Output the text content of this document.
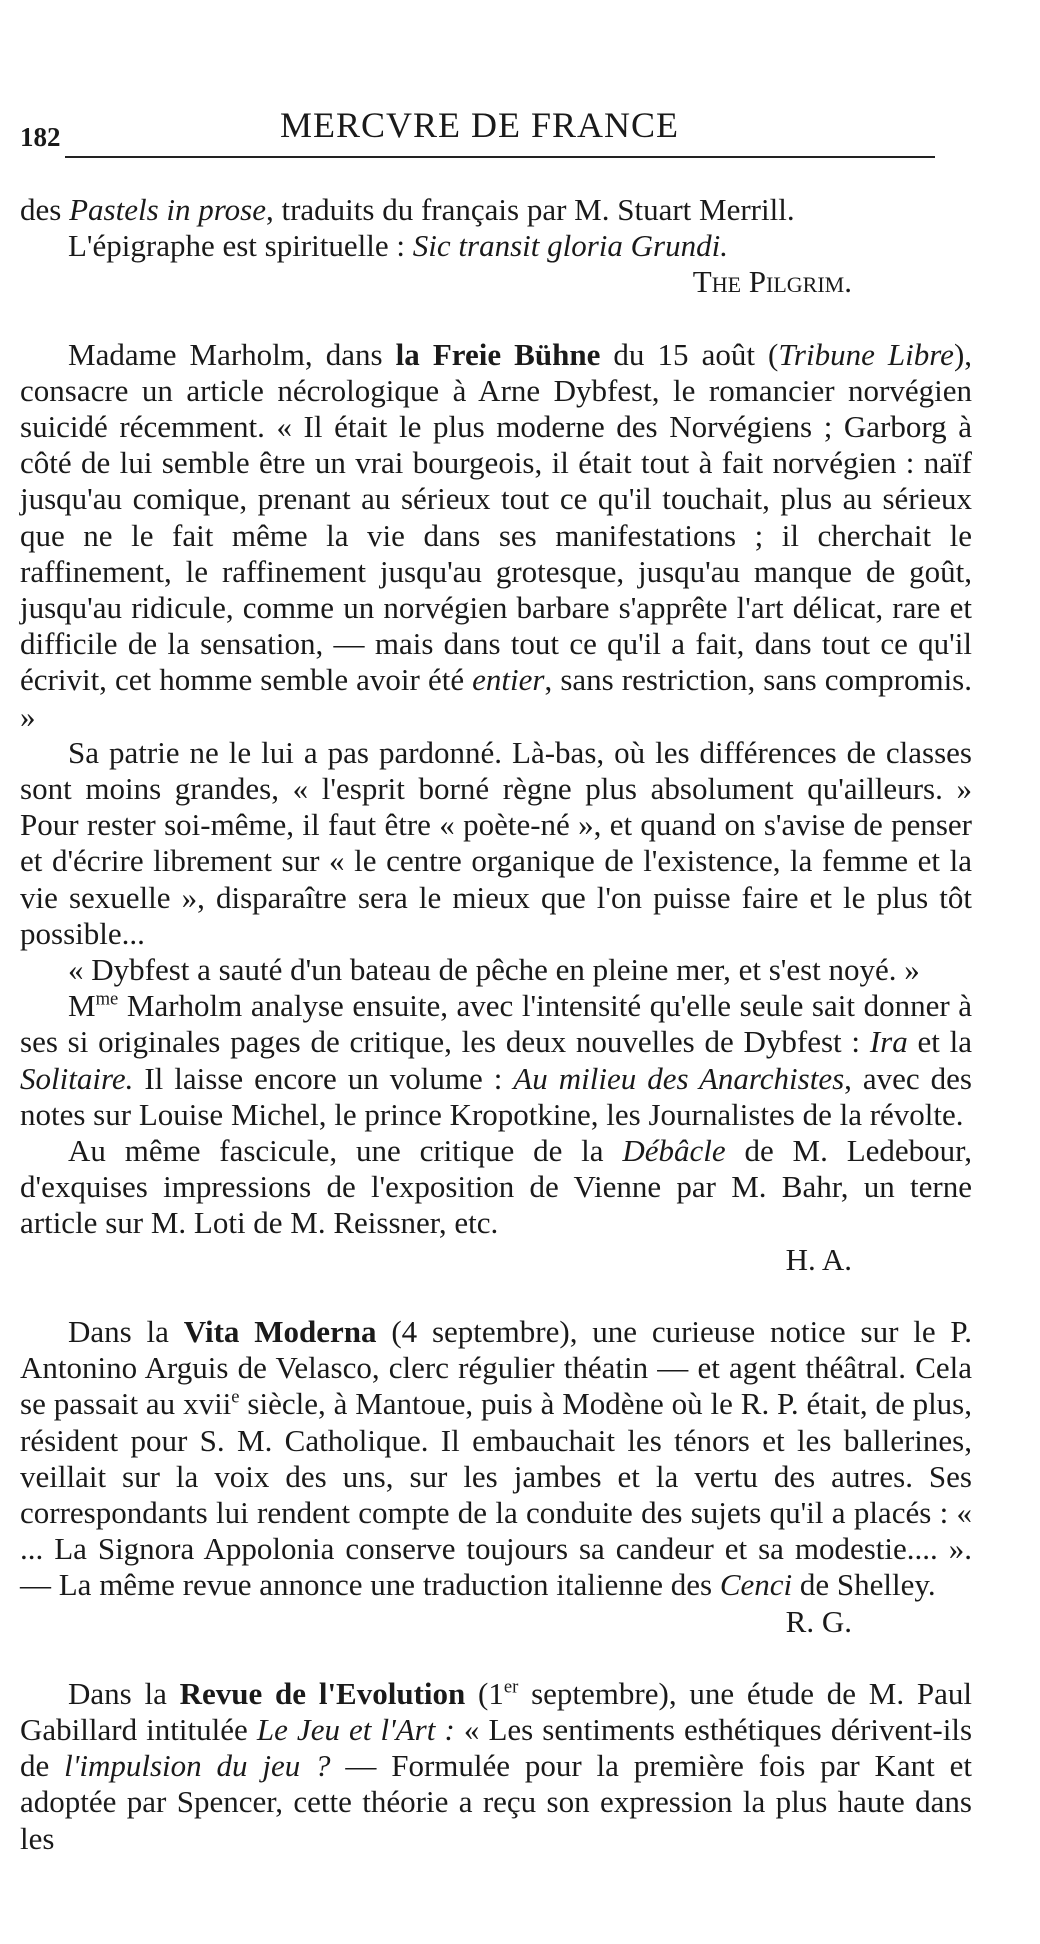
182	MERCVRE DE FRANCE

des Pastels in prose, traduits du français par M. Stuart Merrill.

L'épigraphe est spirituelle : Sic transit gloria Grundi.

The Pilgrim.

Madame Marholm, dans la Freie Bühne du 15 août (Tribune Libre), consacre un article nécrologique à Arne Dybfest, le romancier norvégien suicidé récemment. « Il était le plus moderne des Norvégiens ; Garborg à côté de lui semble être un vrai bourgeois, il était tout à fait norvégien : naïf jusqu'au comique, prenant au sérieux tout ce qu'il touchait, plus au sérieux que ne le fait même la vie dans ses manifestations ; il cherchait le raffinement, le raffinement jusqu'au grotesque, jusqu'au manque de goût, jusqu'au ridicule, comme un norvégien barbare s'apprête l'art délicat, rare et difficile de la sensation, — mais dans tout ce qu'il a fait, dans tout ce qu'il écrivit, cet homme semble avoir été entier, sans restriction, sans compromis. »

Sa patrie ne le lui a pas pardonné. Là-bas, où les différences de classes sont moins grandes, « l'esprit borné règne plus absolument qu'ailleurs. » Pour rester soi-même, il faut être « poète-né », et quand on s'avise de penser et d'écrire librement sur « le centre organique de l'existence, la femme et la vie sexuelle », disparaître sera le mieux que l'on puisse faire et le plus tôt possible...

« Dybfest a sauté d'un bateau de pêche en pleine mer, et s'est noyé. »

$M^{me}$ Marholm analyse ensuite, avec l'intensité qu'elle seule sait donner à ses si originales pages de critique, les deux nouvelles de Dybfest : Ira et la Solitaire. Il laisse encore un volume : Au milieu des Anarchistes, avec des notes sur Louise Michel, le prince Kropotkine, les Journalistes de la révolte.

Au même fascicule, une critique de la Débâcle de M. Ledebour, d'exquises impressions de l'exposition de Vienne par M. Bahr, un terne article sur M. Loti de M. Reissner, etc.

H. A.

Dans la Vita Moderna (4 septembre), une curieuse notice sur le P. Antonino Arguis de Velasco, clerc régulier théatin — et agent théâtral. Cela se passait au xvii$^e$ siècle, à Mantoue, puis à Modène où le R. P. était, de plus, résident pour S. M. Catholique. Il embauchait les ténors et les ballerines, veillait sur la voix des uns, sur les jambes et la vertu des autres. Ses correspondants lui rendent compte de la conduite des sujets qu'il a placés : « ... La Signora Appolonia conserve toujours sa candeur et sa modestie.... ». — La même revue annonce une traduction italienne des Cenci de Shelley.

R. G.

Dans la Revue de l'Evolution (1er septembre), une étude de M. Paul Gabillard intitulée Le Jeu et l'Art : « Les sentiments esthétiques dérivent-ils de l'impulsion du jeu ? — Formulée pour la première fois par Kant et adoptée par Spencer, cette théorie a reçu son expression la plus haute dans les
